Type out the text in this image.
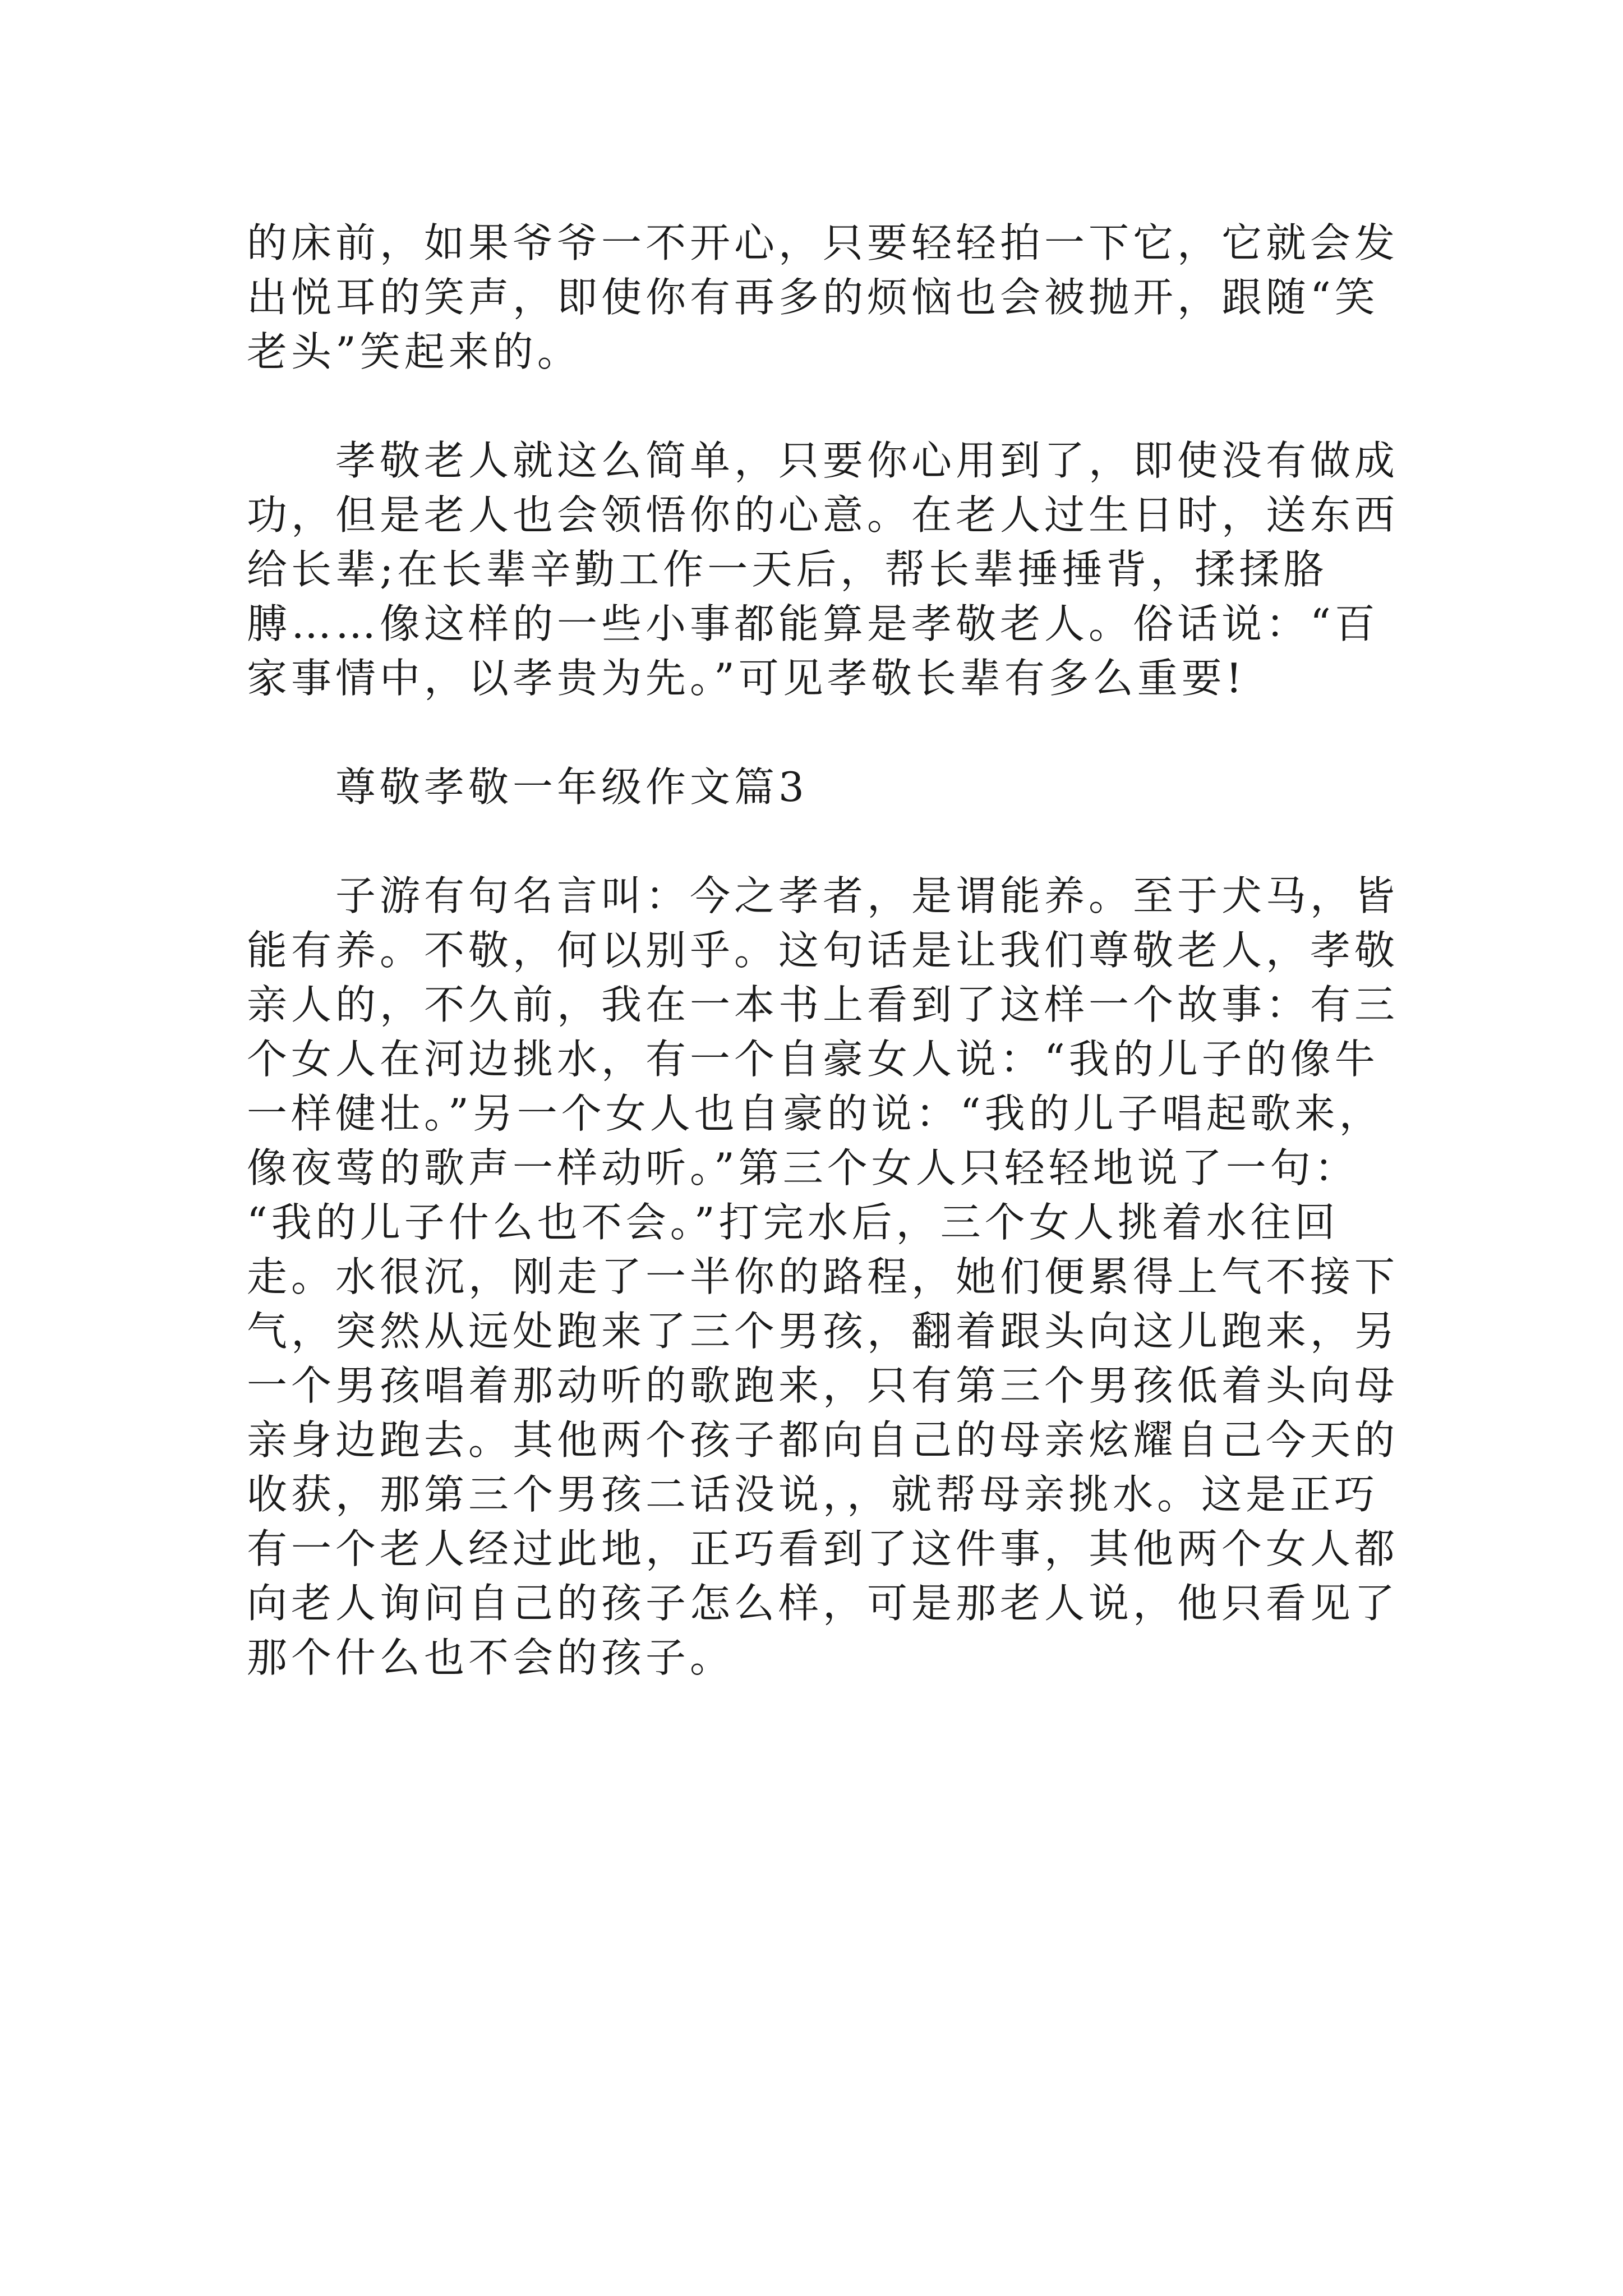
的床前，如果爷爷一不开心，只要轻轻拍一下它，它就会发
出悦耳的笑声，即使你有再多的烦恼也会被抛开，跟随“笑
老头”笑起来的。
　　孝敬老人就这么简单，只要你心用到了，即使没有做成
功，但是老人也会领悟你的心意。在老人过生日时，送东西
给长辈;在长辈辛勤工作一天后，帮长辈捶捶背，揉揉胳
膊……像这样的一些小事都能算是孝敬老人。俗话说：“百
家事情中，以孝贵为先。”可见孝敬长辈有多么重要!
　　尊敬孝敬一年级作文篇3
　　子游有句名言叫：今之孝者，是谓能养。至于犬马，皆
能有养。不敬，何以别乎。这句话是让我们尊敬老人，孝敬
亲人的，不久前，我在一本书上看到了这样一个故事：有三
个女人在河边挑水，有一个自豪女人说：“我的儿子的像牛
一样健壮。”另一个女人也自豪的说：“我的儿子唱起歌来，
像夜莺的歌声一样动听。”第三个女人只轻轻地说了一句：
“我的儿子什么也不会。”打完水后，三个女人挑着水往回
走。水很沉，刚走了一半你的路程，她们便累得上气不接下
气，突然从远处跑来了三个男孩，翻着跟头向这儿跑来，另
一个男孩唱着那动听的歌跑来，只有第三个男孩低着头向母
亲身边跑去。其他两个孩子都向自己的母亲炫耀自己今天的
收获，那第三个男孩二话没说，，就帮母亲挑水。这是正巧
有一个老人经过此地，正巧看到了这件事，其他两个女人都
向老人询问自己的孩子怎么样，可是那老人说，他只看见了
那个什么也不会的孩子。
